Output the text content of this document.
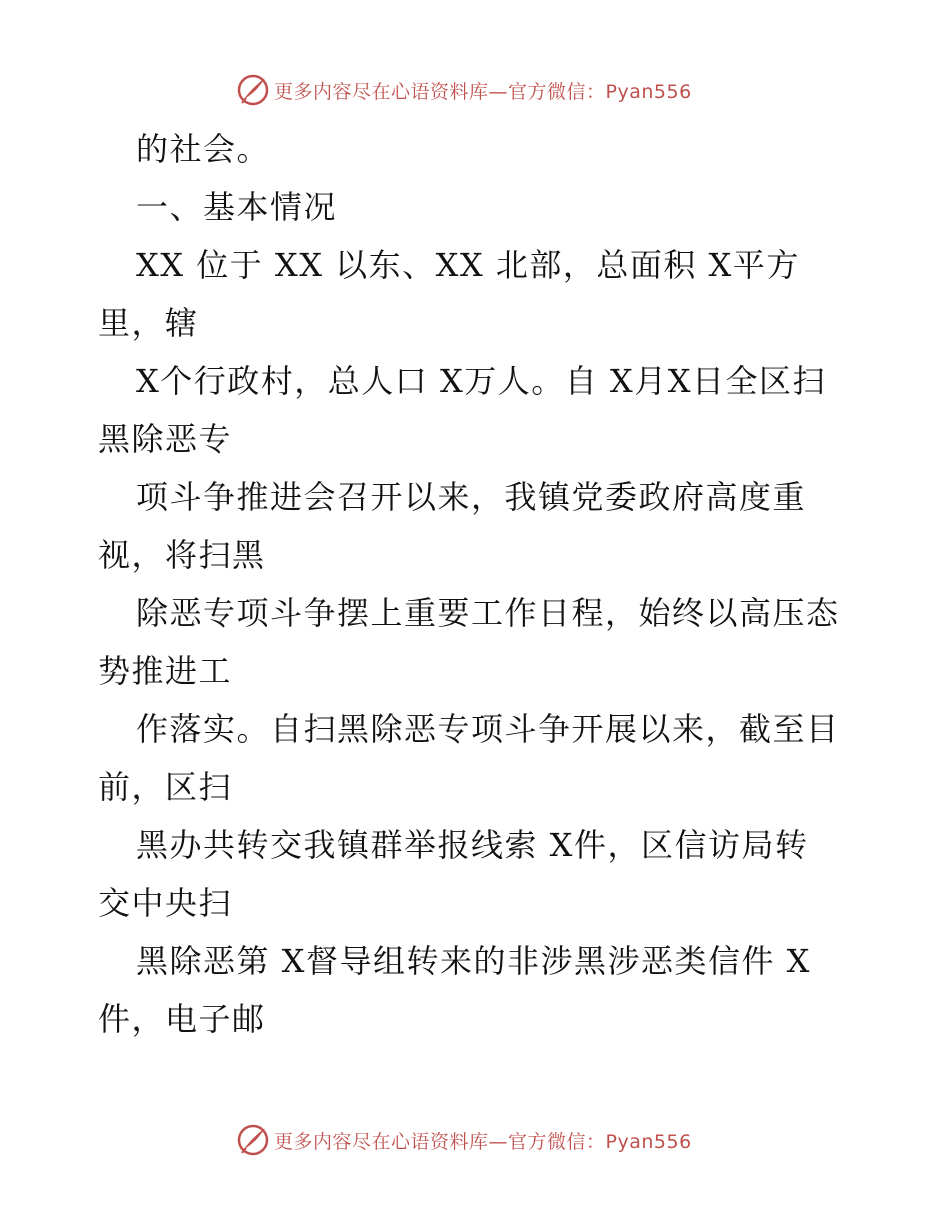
更多内容尽在心语资料库—官方微信：Pyan556
的社会。
一、基本情况
XX 位于 XX 以东、XX 北部，总面积 X平方
里，辖
X个行政村，总人口 X万人。自 X月X日全区扫
黑除恶专
项斗争推进会召开以来，我镇党委政府高度重
视，将扫黑
除恶专项斗争摆上重要工作日程，始终以高压态
势推进工
作落实。自扫黑除恶专项斗争开展以来，截至目
前，区扫
黑办共转交我镇群举报线索 X件，区信访局转
交中央扫
黑除恶第 X督导组转来的非涉黑涉恶类信件 X
件，电子邮
更多内容尽在心语资料库—官方微信：Pyan556
